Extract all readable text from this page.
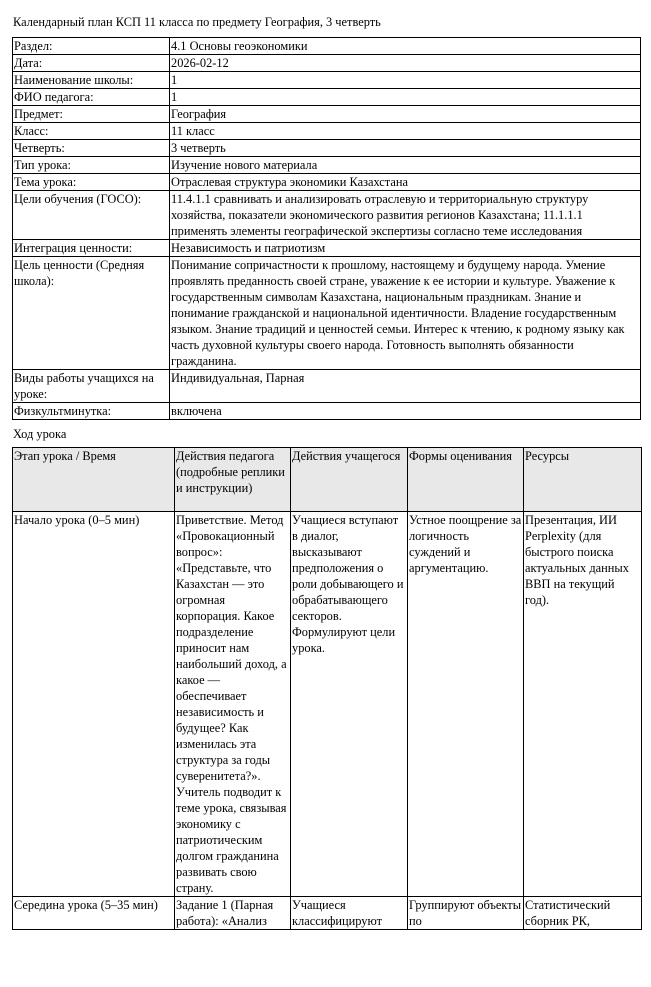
Календарный план КСП 11 класса по предмету География, 3 четверть
Раздел:	4.1 Основы геоэкономики
Дата:	2026-02-12
Наименование школы:	1
ФИО педагога:	1
Предмет:	География
Класс:	11 класс
Четверть:	3 четверть
Тип урока:	Изучение нового материала
Тема урока:	Отраслевая структура экономики Казахстана
Цели обучения (ГОСО):	11.4.1.1 сравнивать и анализировать отраслевую и территориальную структуру хозяйства, показатели экономического развития регионов Казахстана; 11.1.1.1 применять элементы географической экспертизы согласно теме исследования
Интеграция ценности:	Независимость и патриотизм
Цель ценности (Средняя школа):	Понимание сопричастности к прошлому, настоящему и будущему народа. Умение проявлять преданность своей стране, уважение к ее истории и культуре. Уважение к государственным символам Казахстана, национальным праздникам. Знание и понимание гражданской и национальной идентичности. Владение государственным языком. Знание традиций и ценностей семьи. Интерес к чтению, к родному языку как часть духовной культуры своего народа. Готовность выполнять обязанности гражданина.
Виды работы учащихся на уроке:	Индивидуальная, Парная
Физкультминутка:	включена
Ход урока
Этап урока / Время	Действия педагога (подробные реплики и инструкции)	Действия учащегося	Формы оценивания	Ресурсы
Начало урока (0–5 мин)	Приветствие. Метод «Провокационный вопрос»: «Представьте, что Казахстан — это огромная корпорация. Какое подразделение приносит нам наибольший доход, а какое — обеспечивает независимость и будущее? Как изменилась эта структура за годы суверенитета?». Учитель подводит к теме урока, связывая экономику с патриотическим долгом гражданина развивать свою страну.	Учащиеся вступают в диалог, высказывают предположения о роли добывающего и обрабатывающего секторов. Формулируют цели урока.	Устное поощрение за логичность суждений и аргументацию.	Презентация, ИИ Perplexity (для быстрого поиска актуальных данных ВВП на текущий год).
Середина урока (5–35 мин)	Задание 1 (Парная работа): «Анализ	Учащиеся классифицируют	Группируют объекты по	Статистический сборник РК,
